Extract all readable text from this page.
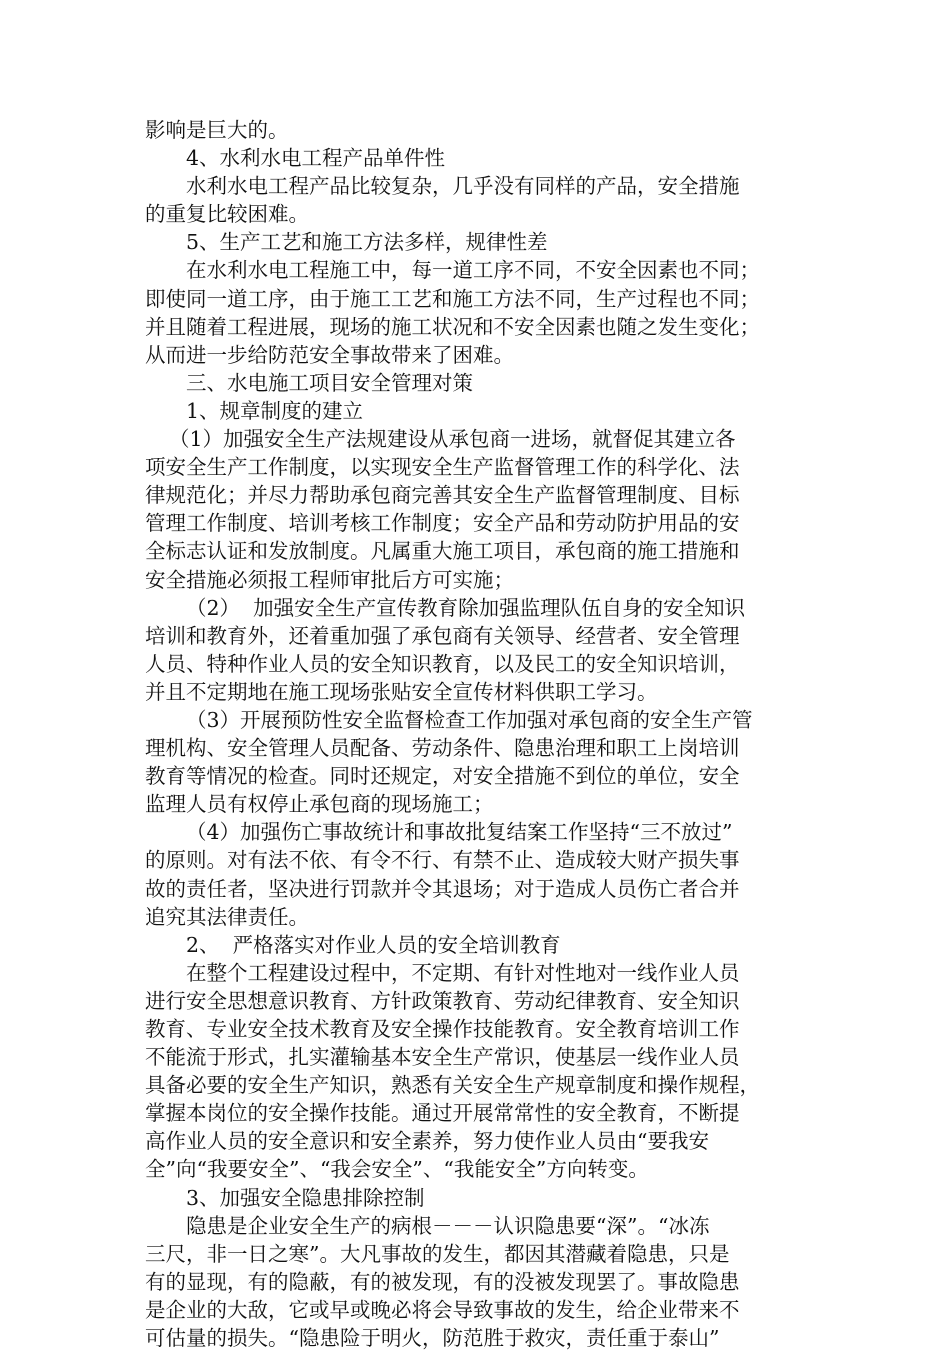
影响是巨大的。
4、水利水电工程产品单件性
水利水电工程产品比较复杂，几乎没有同样的产品，安全措施
的重复比较困难。
5、生产工艺和施工方法多样，规律性差
在水利水电工程施工中，每一道工序不同，不安全因素也不同；
即使同一道工序，由于施工工艺和施工方法不同，生产过程也不同；
并且随着工程进展，现场的施工状况和不安全因素也随之发生变化；
从而进一步给防范安全事故带来了困难。
三、水电施工项目安全管理对策
1、规章制度的建立
（1）加强安全生产法规建设从承包商一进场，就督促其建立各
项安全生产工作制度，以实现安全生产监督管理工作的科学化、法
律规范化；并尽力帮助承包商完善其安全生产监督管理制度、目标
管理工作制度、培训考核工作制度；安全产品和劳动防护用品的安
全标志认证和发放制度。凡属重大施工项目，承包商的施工措施和
安全措施必须报工程师审批后方可实施；
（2）  加强安全生产宣传教育除加强监理队伍自身的安全知识
培训和教育外，还着重加强了承包商有关领导、经营者、安全管理
人员、特种作业人员的安全知识教育，以及民工的安全知识培训，
并且不定期地在施工现场张贴安全宣传材料供职工学习。
（3）开展预防性安全监督检查工作加强对承包商的安全生产管
理机构、安全管理人员配备、劳动条件、隐患治理和职工上岗培训
教育等情况的检查。同时还规定，对安全措施不到位的单位，安全
监理人员有权停止承包商的现场施工；
（4）加强伤亡事故统计和事故批复结案工作坚持“三不放过”
的原则。对有法不依、有令不行、有禁不止、造成较大财产损失事
故的责任者，坚决进行罚款并令其退场；对于造成人员伤亡者合并
追究其法律责任。
2、  严格落实对作业人员的安全培训教育
在整个工程建设过程中，不定期、有针对性地对一线作业人员
进行安全思想意识教育、方针政策教育、劳动纪律教育、安全知识
教育、专业安全技术教育及安全操作技能教育。安全教育培训工作
不能流于形式，扎实灌输基本安全生产常识，使基层一线作业人员
具备必要的安全生产知识，熟悉有关安全生产规章制度和操作规程，
掌握本岗位的安全操作技能。通过开展常常性的安全教育，不断提
高作业人员的安全意识和安全素养，努力使作业人员由“要我安
全”向“我要安全”、“我会安全”、“我能安全”方向转变。
3、加强安全隐患排除控制
隐患是企业安全生产的病根－－－认识隐患要“深”。“冰冻
三尺，非一日之寒”。大凡事故的发生，都因其潜藏着隐患，只是
有的显现，有的隐蔽，有的被发现，有的没被发现罢了。事故隐患
是企业的大敌，它或早或晚必将会导致事故的发生，给企业带来不
可估量的损失。“隐患险于明火，防范胜于救灾，责任重于泰山”
